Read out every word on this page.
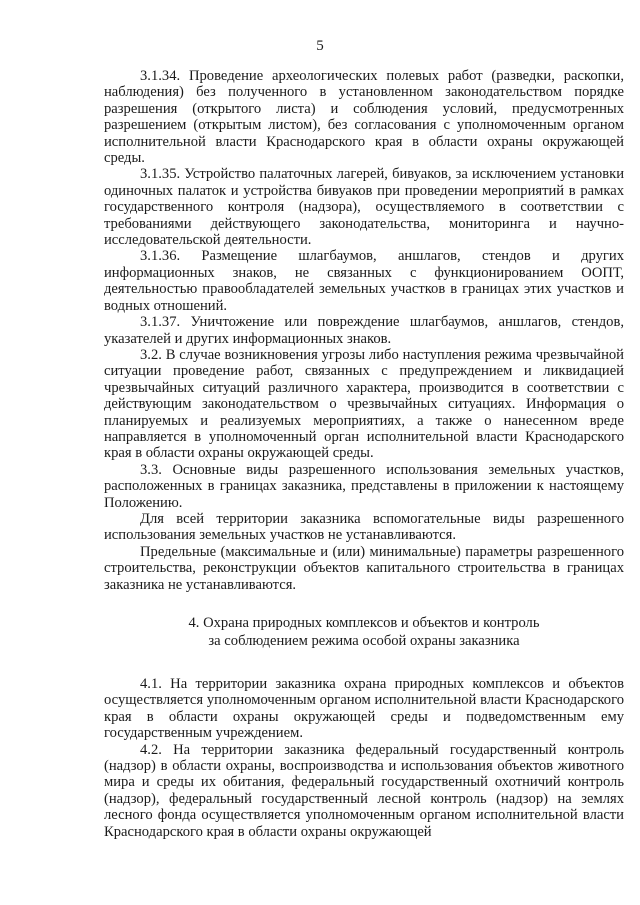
5

3.1.34. Проведение археологических полевых работ (разведки, раскопки, наблюдения) без полученного в установленном законодательством порядке разрешения (открытого листа) и соблюдения условий, предусмотренных разрешением (открытым листом), без согласования с уполномоченным органом исполнительной власти Краснодарского края в области охраны окружающей среды.

3.1.35. Устройство палаточных лагерей, бивуаков, за исключением установки одиночных палаток и устройства бивуаков при проведении мероприятий в рамках государственного контроля (надзора), осуществляемого в соответствии с требованиями действующего законодательства, мониторинга и научно-исследовательской деятельности.

3.1.36. Размещение шлагбаумов, аншлагов, стендов и других информационных знаков, не связанных с функционированием ООПТ, деятельностью правообладателей земельных участков в границах этих участков и водных отношений.

3.1.37. Уничтожение или повреждение шлагбаумов, аншлагов, стендов, указателей и других информационных знаков.

3.2. В случае возникновения угрозы либо наступления режима чрезвычайной ситуации проведение работ, связанных с предупреждением и ликвидацией чрезвычайных ситуаций различного характера, производится в соответствии с действующим законодательством о чрезвычайных ситуациях. Информация о планируемых и реализуемых мероприятиях, а также о нанесенном вреде направляется в уполномоченный орган исполнительной власти Краснодарского края в области охраны окружающей среды.

3.3. Основные виды разрешенного использования земельных участков, расположенных в границах заказника, представлены в приложении к настоящему Положению.

Для всей территории заказника вспомогательные виды разрешенного использования земельных участков не устанавливаются.

Предельные (максимальные и (или) минимальные) параметры разрешенного строительства, реконструкции объектов капитального строительства в границах заказника не устанавливаются.

4. Охрана природных комплексов и объектов и контроль
за соблюдением режима особой охраны заказника

4.1. На территории заказника охрана природных комплексов и объектов осуществляется уполномоченным органом исполнительной власти Краснодарского края в области охраны окружающей среды и подведомственным ему государственным учреждением.

4.2. На территории заказника федеральный государственный контроль (надзор) в области охраны, воспроизводства и использования объектов животного мира и среды их обитания, федеральный государственный охотничий контроль (надзор), федеральный государственный лесной контроль (надзор) на землях лесного фонда осуществляется уполномоченным органом исполнительной власти Краснодарского края в области охраны окружающей
